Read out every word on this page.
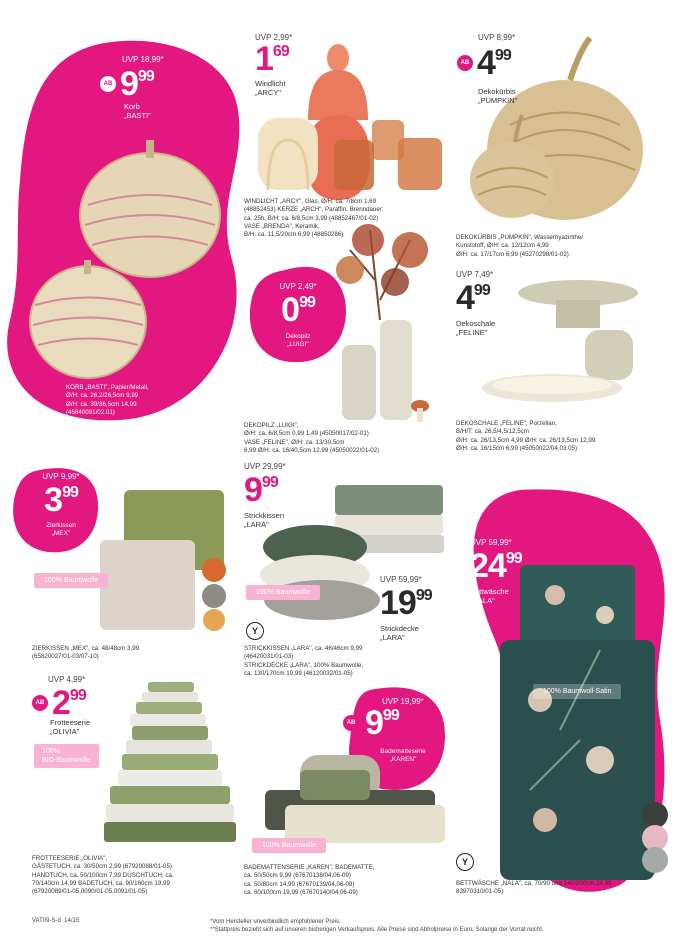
UVP 18,99*
AB 999
Korb
„BASTI"
KORB „BASTI", Papier/Metall,
Ø/H: ca. 26,2/26,5cm 9,99
Ø/H: ca. 39/36,5cm 14,99
(45840091/02.01)
UVP 2,99*
169
Windlicht
„ARCY"
WINDLICHT „ARCY", Glas, Ø/H: ca. 7/8cm 1,69
(48852453) KERZE „ARCH", Paraffin, Brenndauer:
ca. 25h, B/H: ca. 6/8,5cm 3,99 (48852467/01-02)
VASE „BRENDA", Keramik,
B/H: ca. 11,5/20cm 6,99 (48850286)
UVP 8,99*
AB 499
Dekokürbis
„PUMPKIN"
DEKOKÜRBIS „PUMPKIN", Wasserhyazinthe/
Kunststoff, Ø/H: ca. 12/12cm 4,99
Ø/H: ca. 17/17cm 6,99 (45270298/01-02)
UVP 2,49*
099
Dekopilz
„LUIGI"
DEKOPILZ „LUIGI",
Ø/H: ca. 6/8,5cm 0,99 1,49 (45050017/02-01)
VASE „FELINE", Ø/H: ca. 13/30,5cm
6,99 Ø/H: ca. 16/40,5cm 12,99 (45050022/01-02)
UVP 7,49*
499
Dekoschale
„FELINE"
DEKOSCHALE „FELINE", Porzellan,
B/H/T: ca. 26,5/4,5/12,5cm
Ø/H: ca. 26/13,5cm 4,99 Ø/H: ca. 26/13,5cm 12,99
Ø/H: ca. 16/15cm 6,99 (45050022/04,03.05)
UVP 9,99*
399
Zierkissen
„MEX"
100% Baumwolle
ZIERKISSEN „MEX", ca. 48/48cm 3,99
(65820027/01-03/07-10)
UVP 29,99*
999
Strickkissen
„LARA"
100% Baumwolle
Y
UVP 59,99*
1999
Strickdecke
„LARA"
STRICKKISSEN „LARA", ca. 46/46cm 9,99
(46420031/01-03)
STRICKDECKE „LARA", 100% Baumwolle,
ca. 130/170cm 19,99 (46120032/01-05)
UVP 59,99*
2499
Bettwäsche
„NALA"
100% Baumwoll-Satin
Y
BETTWÄSCHE „NALA", ca. 70/90 und 140/200cm 24,99
83970310/01-05)
UVP 4,99*
AB 299
Frotteeserie
„OLIVIA"
100%
BIO-Baumwolle
FROTTEESERIE „OLIVIA",
GÄSTETUCH, ca. 30/50cm 2,99 (67920088/01-05)
HANDTUCH, ca. 50/100cm 7,99 DUSCHTUCH, ca.
70/140cm 14,99 BADETUCH, ca. 90/160cm 19,99
(67920089/01-05,0090/01-05,0091/01-05)
UVP 19,99*
AB 999
Badematteserie
„KAREN"
100% Baumwolle
BADEMATTENSERIE „KAREN", BADEMATTE,
ca. 50/50cm 9,99 (67670138/04,06-09)
ca. 50/80cm 14,99 (67670139/04,06-09)
ca. 60/100cm 19,99 (67670140/04,06-09)
VAT09-S-d 14/15	*Vom Hersteller unverbindlich empfohlener Preis.
**Stattpreis bezieht sich auf unseren bisherigen Verkaufspreis. Alle Preise sind Abholpreise in Euro. Solange der Vorrat reicht.
